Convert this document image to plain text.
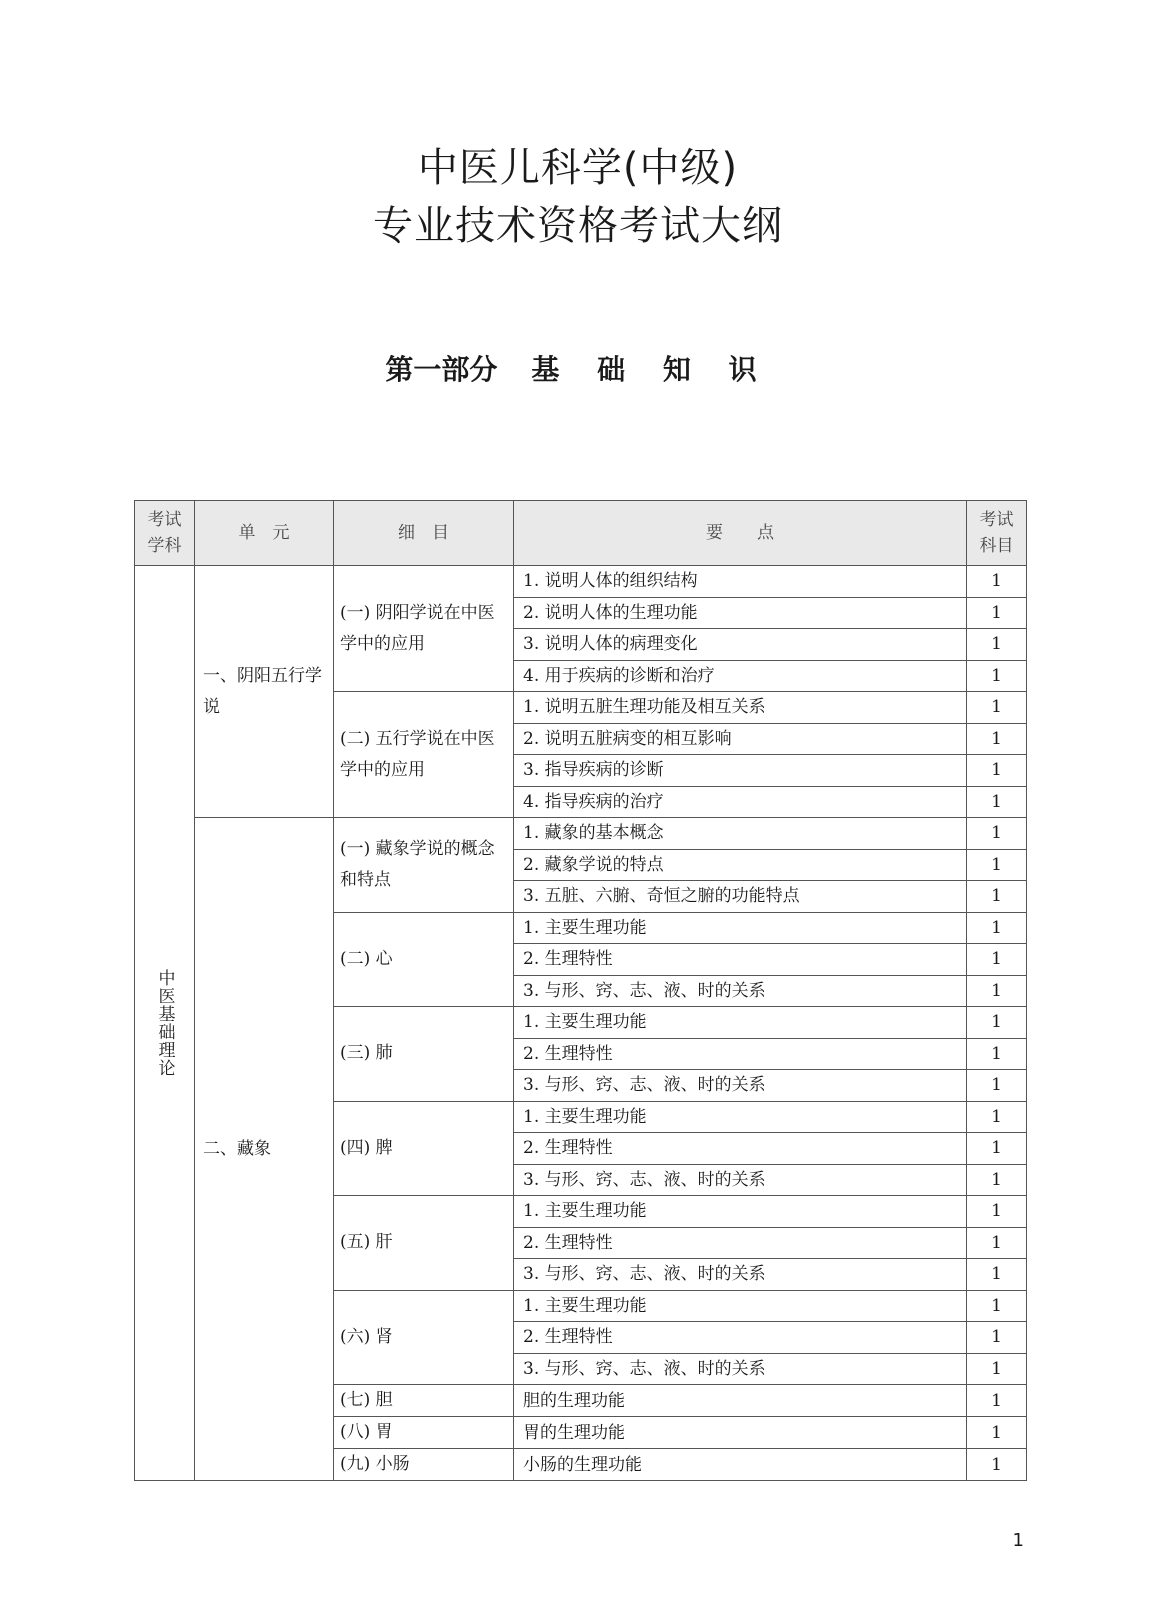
中医儿科学(中级)
专业技术资格考试大纲
第一部分 基 础 知 识
考试学科	单　元	细　目	要　　点	考试科目

中医基础理论	一、阴阳五行学说	(一) 阴阳学说在中医学中的应用	1. 说明人体的组织结构	1
			2. 说明人体的生理功能	1
			3. 说明人体的病理变化	1
			4. 用于疾病的诊断和治疗	1
		(二) 五行学说在中医学中的应用	1. 说明五脏生理功能及相互关系	1
			2. 说明五脏病变的相互影响	1
			3. 指导疾病的诊断	1
			4. 指导疾病的治疗	1
	二、藏象	(一) 藏象学说的概念和特点	1. 藏象的基本概念	1
			2. 藏象学说的特点	1
			3. 五脏、六腑、奇恒之腑的功能特点	1
		(二) 心	1. 主要生理功能	1
			2. 生理特性	1
			3. 与形、窍、志、液、时的关系	1
		(三) 肺	1. 主要生理功能	1
			2. 生理特性	1
			3. 与形、窍、志、液、时的关系	1
		(四) 脾	1. 主要生理功能	1
			2. 生理特性	1
			3. 与形、窍、志、液、时的关系	1
		(五) 肝	1. 主要生理功能	1
			2. 生理特性	1
			3. 与形、窍、志、液、时的关系	1
		(六) 肾	1. 主要生理功能	1
			2. 生理特性	1
			3. 与形、窍、志、液、时的关系	1
		(七) 胆	胆的生理功能	1
		(八) 胃	胃的生理功能	1
		(九) 小肠	小肠的生理功能	1
1
